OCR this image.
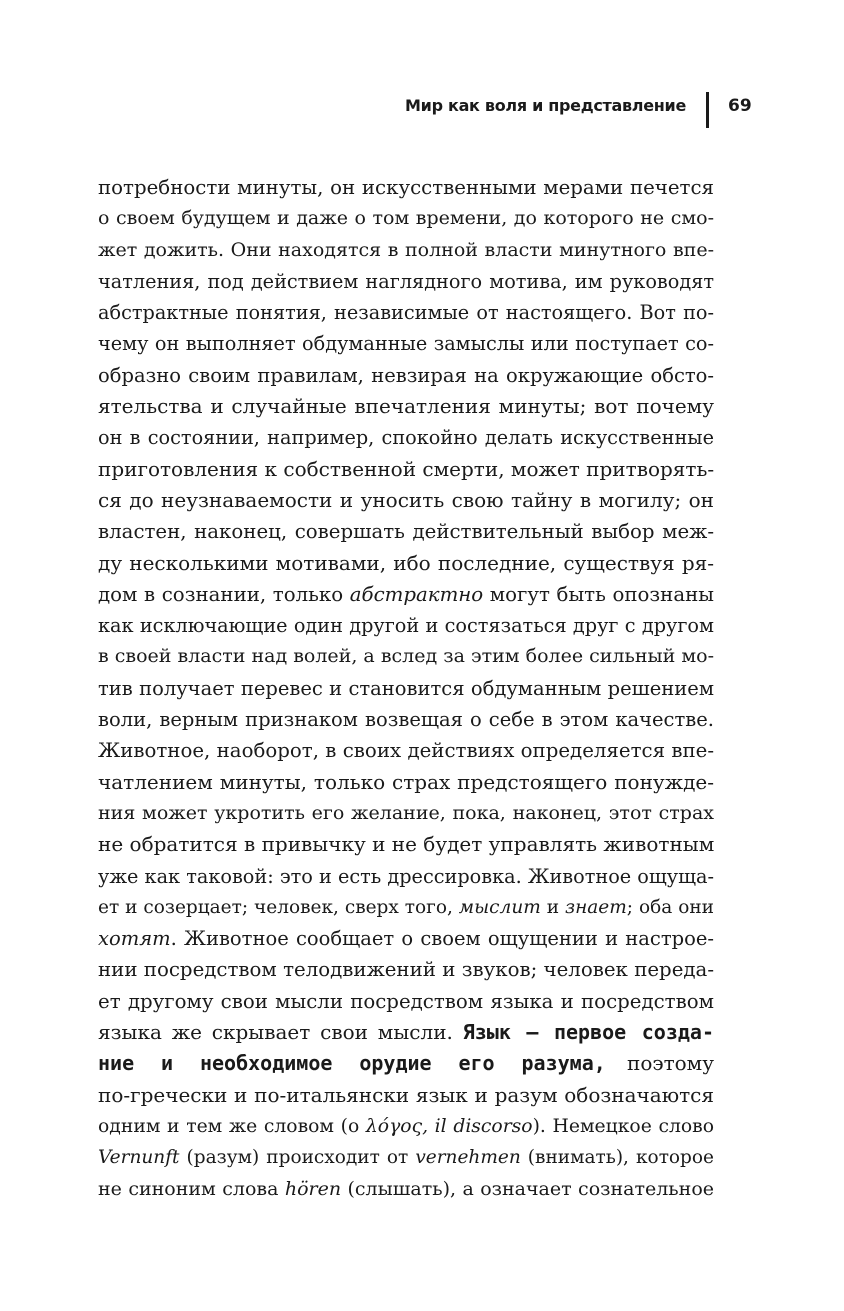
Мир как воля и представление 69
потребности минуты, он искусственными мерами печется
о своем будущем и даже о том времени, до которого не смо-
жет дожить. Они находятся в полной власти минутного впе-
чатления, под действием наглядного мотива, им руководят
абстрактные понятия, независимые от настоящего. Вот по-
чему он выполняет обдуманные замыслы или поступает со-
образно своим правилам, невзирая на окружающие обсто-
ятельства и случайные впечатления минуты; вот почему
он в состоянии, например, спокойно делать искусственные
приготовления к собственной смерти, может притворять-
ся до неузнаваемости и уносить свою тайну в могилу; он
властен, наконец, совершать действительный выбор меж-
ду несколькими мотивами, ибо последние, существуя ря-
дом в сознании, только абстрактно могут быть опознаны
как исключающие один другой и состязаться друг с другом
в своей власти над волей, а вслед за этим более сильный мо-
тив получает перевес и становится обдуманным решением
воли, верным признаком возвещая о себе в этом качестве.
Животное, наоборот, в своих действиях определяется впе-
чатлением минуты, только страх предстоящего понужде-
ния может укротить его желание, пока, наконец, этот страх
не обратится в привычку и не будет управлять животным
уже как таковой: это и есть дрессировка. Животное ощуща-
ет и созерцает; человек, сверх того, мыслит и знает; оба они
хотят. Животное сообщает о своем ощущении и настрое-
нии посредством телодвижений и звуков; человек переда-
ет другому свои мысли посредством языка и посредством
языка же скрывает свои мысли. Язык — первое созда-
ние и необходимое орудие его разума, поэтому
по-гречески и по-итальянски язык и разум обозначаются
одним и тем же словом (о λόγος, il discorso). Немецкое слово
Vernunft (разум) происходит от vernehmen (внимать), которое
не синоним слова hören (слышать), а означает сознательное
